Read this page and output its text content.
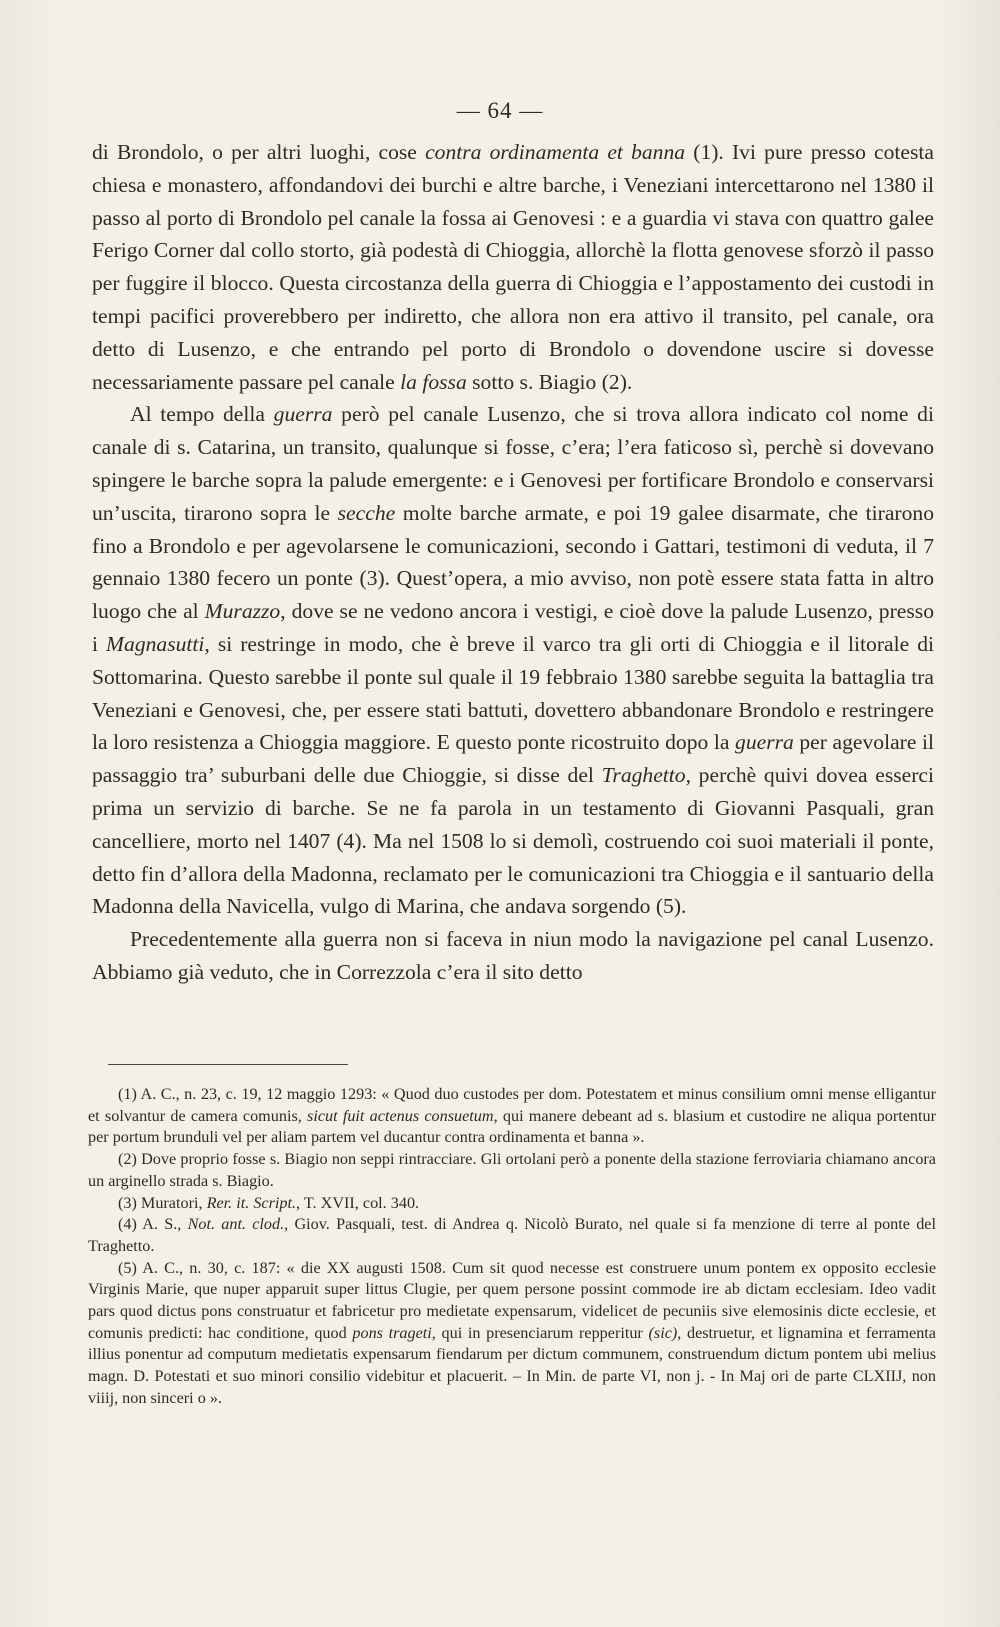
— 64 —

di Brondolo, o per altri luoghi, cose contra ordinamenta et banna (1). Ivi pure presso cotesta chiesa e monastero, affondandovi dei burchi e altre barche, i Veneziani intercettarono nel 1380 il passo al porto di Brondolo pel canale la fossa ai Genovesi : e a guardia vi stava con quattro galee Ferigo Corner dal collo storto, già podestà di Chioggia, allorchè la flotta genovese sforzò il passo per fuggire il blocco. Questa circostanza della guerra di Chioggia e l’appostamento dei custodi in tempi pacifici proverebbero per indiretto, che allora non era attivo il transito, pel canale, ora detto di Lusenzo, e che entrando pel porto di Brondolo o dovendone uscire si dovesse necessariamente passare pel canale la fossa sotto s. Biagio (2).

Al tempo della guerra però pel canale Lusenzo, che si trova allora indicato col nome di canale di s. Catarina, un transito, qualunque si fosse, c’era; l’era faticoso sì, perchè si dovevano spingere le barche sopra la palude emergente: e i Genovesi per fortificare Brondolo e conservarsi un’uscita, tirarono sopra le secche molte barche armate, e poi 19 galee disarmate, che tirarono fino a Brondolo e per agevolarsene le comunicazioni, secondo i Gattari, testimoni di veduta, il 7 gennaio 1380 fecero un ponte (3). Quest’opera, a mio avviso, non potè essere stata fatta in altro luogo che al Murazzo, dove se ne vedono ancora i vestigi, e cioè dove la palude Lusenzo, presso i Magnasutti, si restringe in modo, che è breve il varco tra gli orti di Chioggia e il litorale di Sottomarina. Questo sarebbe il ponte sul quale il 19 febbraio 1380 sarebbe seguita la battaglia tra Veneziani e Genovesi, che, per essere stati battuti, dovettero abbandonare Brondolo e restringere la loro resistenza a Chioggia maggiore. E questo ponte ricostruito dopo la guerra per agevolare il passaggio tra’ suburbani delle due Chioggie, si disse del Traghetto, perchè quivi dovea esserci prima un servizio di barche. Se ne fa parola in un testamento di Giovanni Pasquali, gran cancelliere, morto nel 1407 (4). Ma nel 1508 lo si demolì, costruendo coi suoi materiali il ponte, detto fin d’allora della Madonna, reclamato per le comunicazioni tra Chioggia e il santuario della Madonna della Navicella, vulgo di Marina, che andava sorgendo (5).

Precedentemente alla guerra non si faceva in niun modo la navigazione pel canal Lusenzo. Abbiamo già veduto, che in Correzzola c’era il sito detto

(1) A. C., n. 23, c. 19, 12 maggio 1293: « Quod duo custodes per dom. Potestatem et minus consilium omni mense elligantur et solvantur de camera comunis, sicut fuit actenus consuetum, qui manere debeant ad s. blasium et custodire ne aliqua portentur per portum brunduli vel per aliam partem vel ducantur contra ordinamenta et banna ».

(2) Dove proprio fosse s. Biagio non seppi rintracciare. Gli ortolani però a ponente della stazione ferroviaria chiamano ancora un arginello strada s. Biagio.

(3) Muratori, Rer. it. Script., T. XVII, col. 340.

(4) A. S., Not. ant. clod., Giov. Pasquali, test. di Andrea q. Nicolò Burato, nel quale si fa menzione di terre al ponte del Traghetto.

(5) A. C., n. 30, c. 187: « die XX augusti 1508. Cum sit quod necesse est construere unum pontem ex opposito ecclesie Virginis Marie, que nuper apparuit super littus Clugie, per quem persone possint commode ire ab dictam ecclesiam. Ideo vadit pars quod dictus pons construatur et fabricetur pro medietate expensarum, videlicet de pecuniis sive elemosinis dicte ecclesie, et comunis predicti: hac conditione, quod pons trageti, qui in presenciarum repperitur (sic), destruetur, et lignamina et ferramenta illius ponentur ad computum medietatis expensarum fiendarum per dictum communem, construendum dictum pontem ubi melius magn. D. Potestati et suo minori consilio videbitur et placuerit. – In Min. de parte VI, non j. - In Maj ori de parte CLXIIJ, non viiij, non sinceri o ».
